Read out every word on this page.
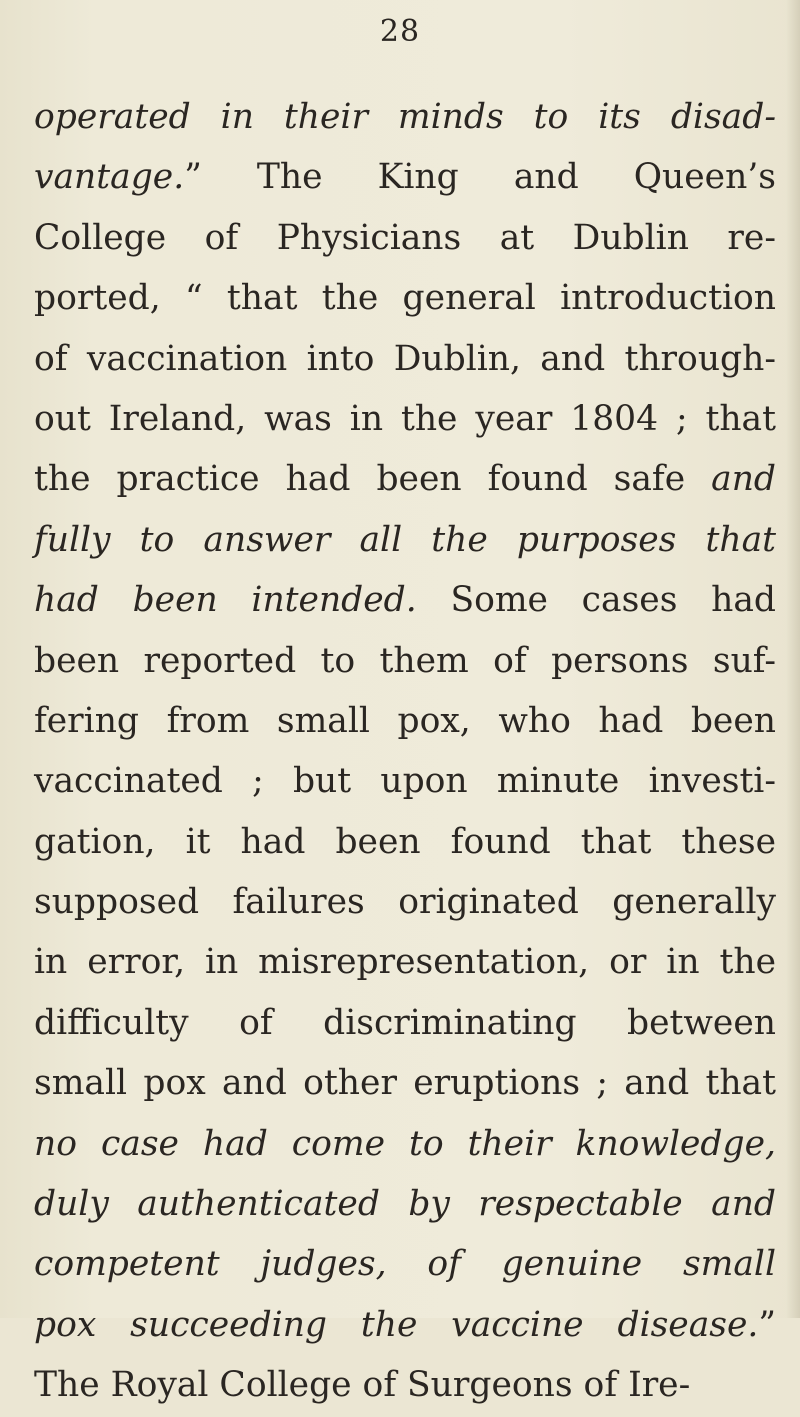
28
operated in their minds to its disad-
vantage.” The King and Queen’s
College of Physicians at Dublin re-
ported, “ that the general introduction
of vaccination into Dublin, and through-
out Ireland, was in the year 1804 ; that
the practice had been found safe and
fully to answer all the purposes that
had been intended. Some cases had
been reported to them of persons suf-
fering from small pox, who had been
vaccinated ; but upon minute investi-
gation, it had been found that these
supposed failures originated generally
in error, in misrepresentation, or in the
difficulty of discriminating between
small pox and other eruptions ; and that
no case had come to their knowledge,
duly authenticated by respectable and
competent judges, of genuine small
pox succeeding the vaccine disease.”
The Royal College of Surgeons of Ire-
